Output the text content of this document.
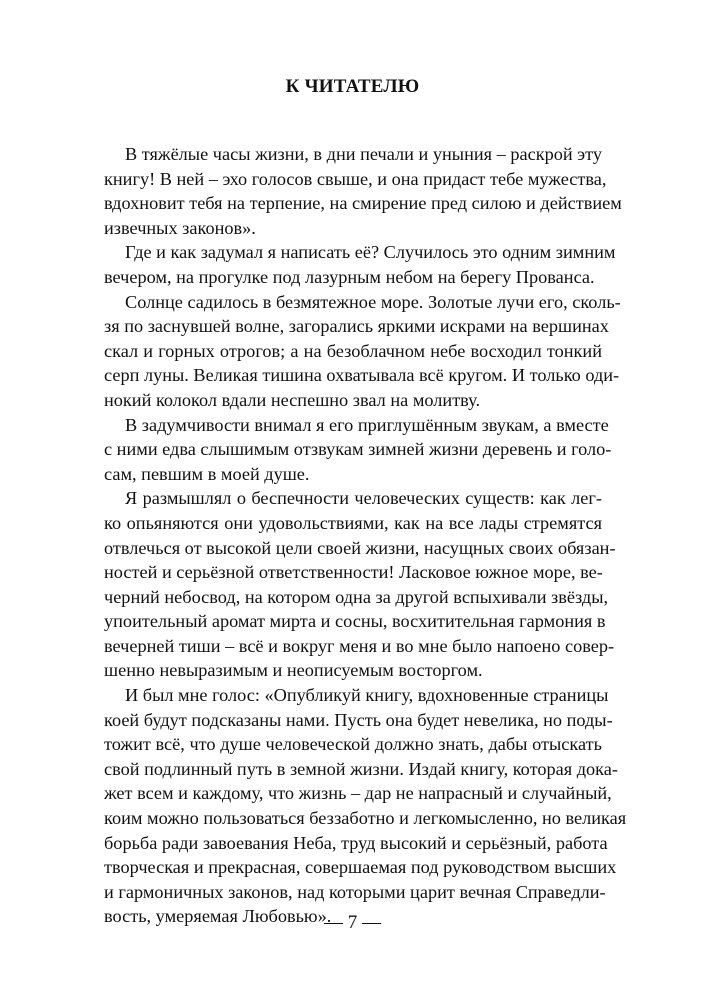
К ЧИТАТЕЛЮ

В тяжёлые часы жизни, в дни печали и уныния – раскрой эту
книгу! В ней – эхо голосов свыше, и она придаст тебе мужества,
вдохновит тебя на терпение, на смирение пред силою и действием
извечных законов».

Где и как задумал я написать её? Случилось это одним зимним
вечером, на прогулке под лазурным небом на берегу Прованса.

Солнце садилось в безмятежное море. Золотые лучи его, сколь-
зя по заснувшей волне, загорались яркими искрами на вершинах
скал и горных отрогов; а на безоблачном небе восходил тонкий
серп луны. Великая тишина охватывала всё кругом. И только оди-
нокий колокол вдали неспешно звал на молитву.

В задумчивости внимал я его приглушённым звукам, а вместе
с ними едва слышимым отзвукам зимней жизни деревень и голо-
сам, певшим в моей душе.

Я размышлял о беспечности человеческих существ: как лег-
ко опьяняются они удовольствиями, как на все лады стремятся
отвлечься от высокой цели своей жизни, насущных своих обязан-
ностей и серьёзной ответственности! Ласковое южное море, ве-
черний небосвод, на котором одна за другой вспыхивали звёзды,
упоительный аромат мирта и сосны, восхитительная гармония в
вечерней тиши – всё и вокруг меня и во мне было напоено совер-
шенно невыразимым и неописуемым восторгом.

И был мне голос: «Опубликуй книгу, вдохновенные страницы
коей будут подсказаны нами. Пусть она будет невелика, но поды-
тожит всё, что душе человеческой должно знать, дабы отыскать
свой подлинный путь в земной жизни. Издай книгу, которая дока-
жет всем и каждому, что жизнь – дар не напрасный и случайный,
коим можно пользоваться беззаботно и легкомысленно, но великая
борьба ради завоевания Неба, труд высокий и серьёзный, работа
творческая и прекрасная, совершаемая под руководством высших
и гармоничных законов, над которыми царит вечная Справедли-
вость, умеряемая Любовью».

— 7 —
